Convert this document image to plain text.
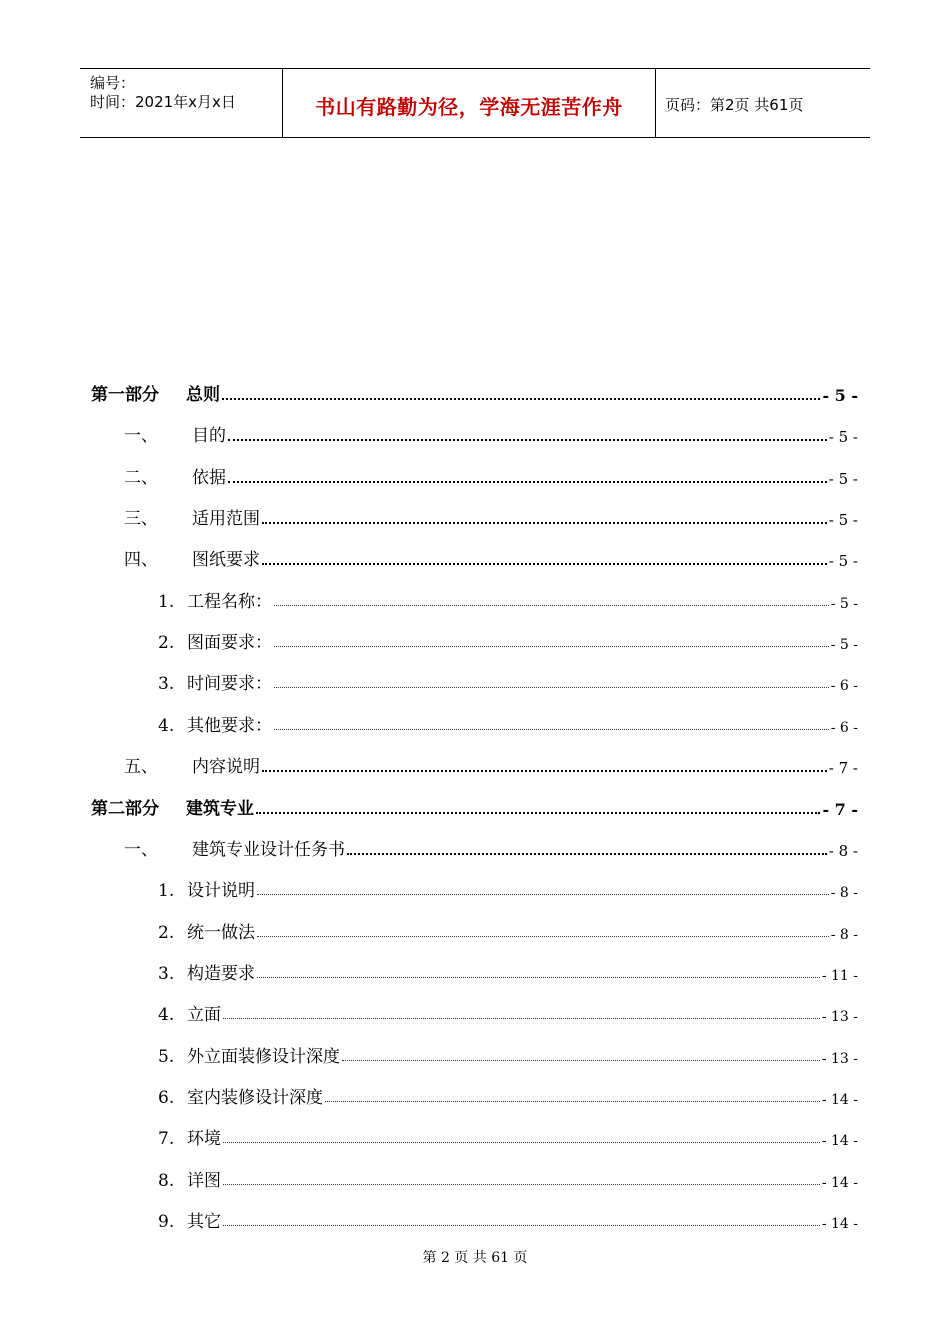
编号：
时间：2021年x月x日	书山有路勤为径，学海无涯苦作舟	页码：第2页 共61页
第一部分	总则	- 5 -
一、	目的	- 5 -
二、	依据	- 5 -
三、	适用范围	- 5 -
四、	图纸要求	- 5 -
1. 工程名称：	- 5 -
2. 图面要求：	- 5 -
3. 时间要求：	- 6 -
4. 其他要求：	- 6 -
五、	内容说明	- 7 -
第二部分	建筑专业	- 7 -
一、	建筑专业设计任务书	- 8 -
1. 设计说明	- 8 -
2. 统一做法	- 8 -
3. 构造要求	- 11 -
4. 立面	- 13 -
5. 外立面装修设计深度	- 13 -
6. 室内装修设计深度	- 14 -
7. 环境	- 14 -
8. 详图	- 14 -
9. 其它	- 14 -
第 2 页 共 61 页
